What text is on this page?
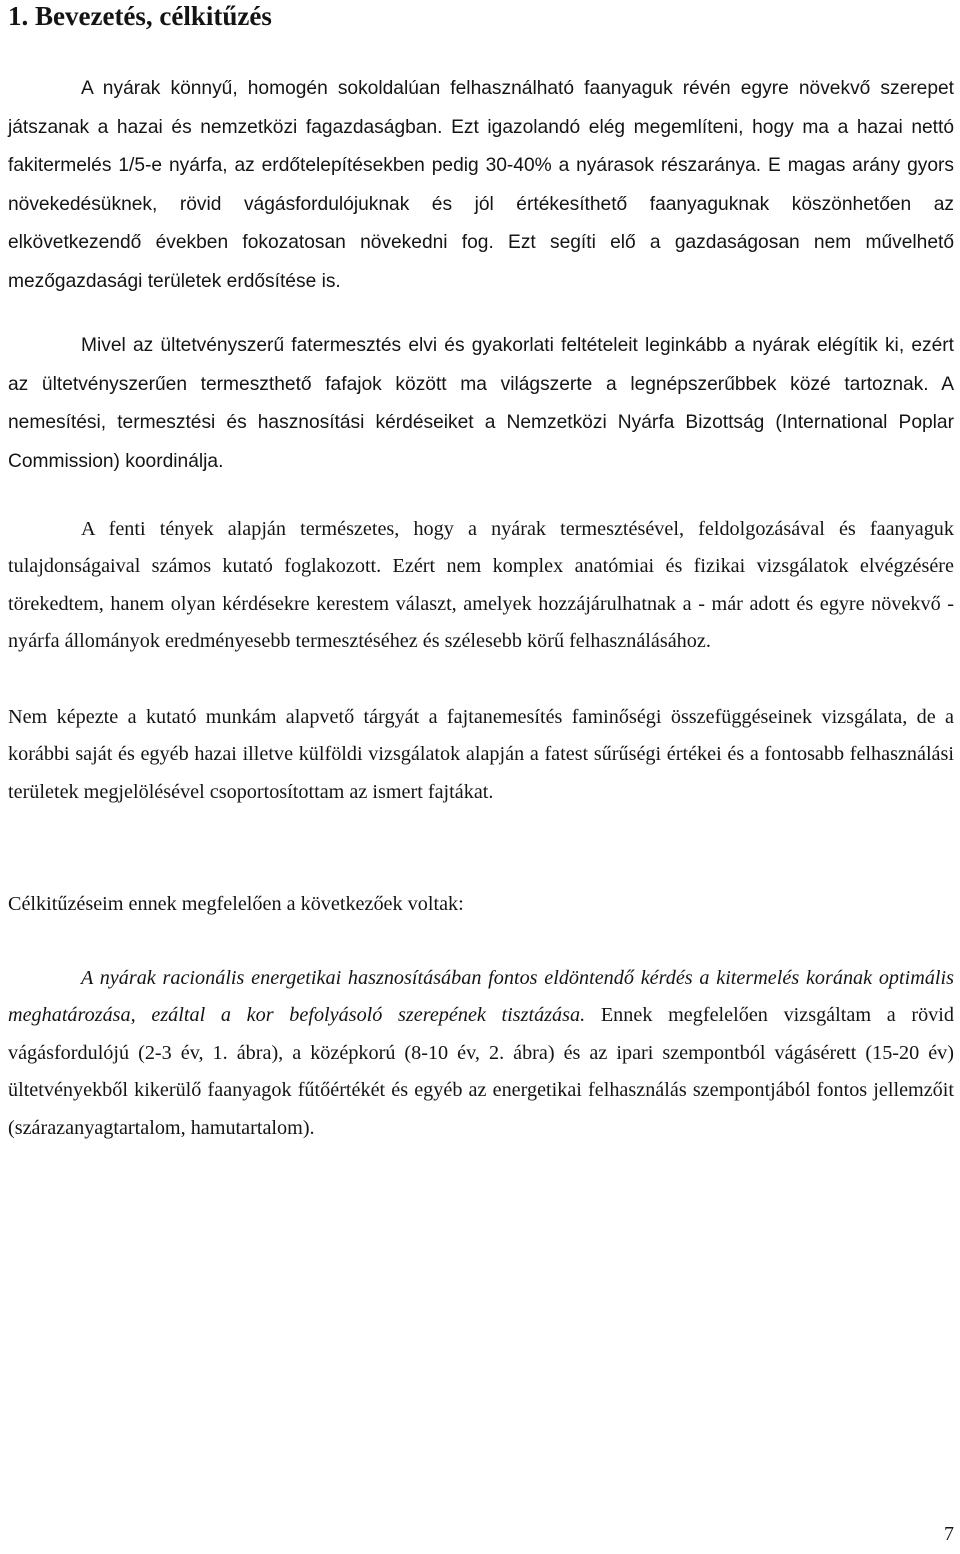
1. Bevezetés, célkitűzés

A nyárak könnyű, homogén sokoldalúan felhasználható faanyaguk révén egyre növekvő szerepet játszanak a hazai és nemzetközi fagazdaságban. Ezt igazolandó elég megemlíteni, hogy ma a hazai nettó fakitermelés 1/5-e nyárfa, az erdőtelepítésekben pedig 30-40% a nyárasok részaránya. E magas arány gyors növekedésüknek, rövid vágásfordulójuknak és jól értékesíthető faanyaguknak köszönhetően az elkövetkezendő években fokozatosan növekedni fog. Ezt segíti elő a gazdaságosan nem művelhető mezőgazdasági területek erdősítése is.

Mivel az ültetvényszerű fatermesztés elvi és gyakorlati feltételeit leginkább a nyárak elégítik ki, ezért az ültetvényszerűen termeszthető fafajok között ma világszerte a legnépszerűbbek közé tartoznak. A nemesítési, termesztési és hasznosítási kérdéseiket a Nemzetközi Nyárfa Bizottság (International Poplar Commission) koordinálja.

A fenti tények alapján természetes, hogy a nyárak termesztésével, feldolgozásával és faanyaguk tulajdonságaival számos kutató foglakozott. Ezért nem komplex anatómiai és fizikai vizsgálatok elvégzésére törekedtem, hanem olyan kérdésekre kerestem választ, amelyek hozzájárulhatnak a - már adott és egyre növekvő - nyárfa állományok eredményesebb termesztéséhez és szélesebb körű felhasználásához.

Nem képezte a kutató munkám alapvető tárgyát a fajtanemesítés faminőségi összefüggéseinek vizsgálata, de a korábbi saját és egyéb hazai illetve külföldi vizsgálatok alapján a fatest sűrűségi értékei és a fontosabb felhasználási területek megjelölésével csoportosítottam az ismert fajtákat.

Célkitűzéseim ennek megfelelően a következőek voltak:

A nyárak racionális energetikai hasznosításában fontos eldöntendő kérdés a kitermelés korának optimális meghatározása, ezáltal a kor befolyásoló szerepének tisztázása. Ennek megfelelően vizsgáltam a rövid vágásfordulójú (2-3 év, 1. ábra), a középkorú (8-10 év, 2. ábra) és az ipari szempontból vágásérett (15-20 év) ültetvényekből kikerülő faanyagok fűtőértékét és egyéb az energetikai felhasználás szempontjából fontos jellemzőit (szárazanyagtartalom, hamutartalom).

7
